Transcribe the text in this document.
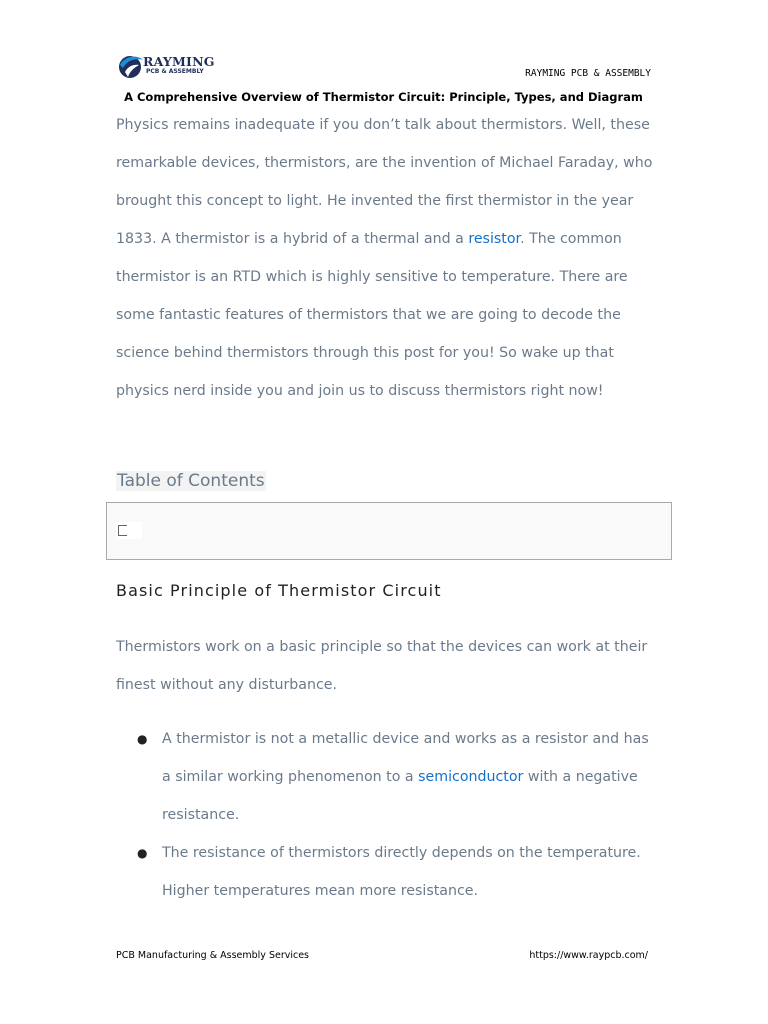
RAYMING
PCB & ASSEMBLY	RAYMING PCB & ASSEMBLY
A Comprehensive Overview of Thermistor Circuit: Principle, Types, and Diagram
Physics remains inadequate if you don’t talk about thermistors. Well, these remarkable devices, thermistors, are the invention of Michael Faraday, who brought this concept to light. He invented the first thermistor in the year 1833. A thermistor is a hybrid of a thermal and a resistor. The common thermistor is an RTD which is highly sensitive to temperature. There are some fantastic features of thermistors that we are going to decode the science behind thermistors through this post for you! So wake up that physics nerd inside you and join us to discuss thermistors right now!
Table of Contents
Basic Principle of Thermistor Circuit
Thermistors work on a basic principle so that the devices can work at their finest without any disturbance.
● A thermistor is not a metallic device and works as a resistor and has a similar working phenomenon to a semiconductor with a negative resistance.
● The resistance of thermistors directly depends on the temperature. Higher temperatures mean more resistance.
PCB Manufacturing & Assembly Services	https://www.raypcb.com/
